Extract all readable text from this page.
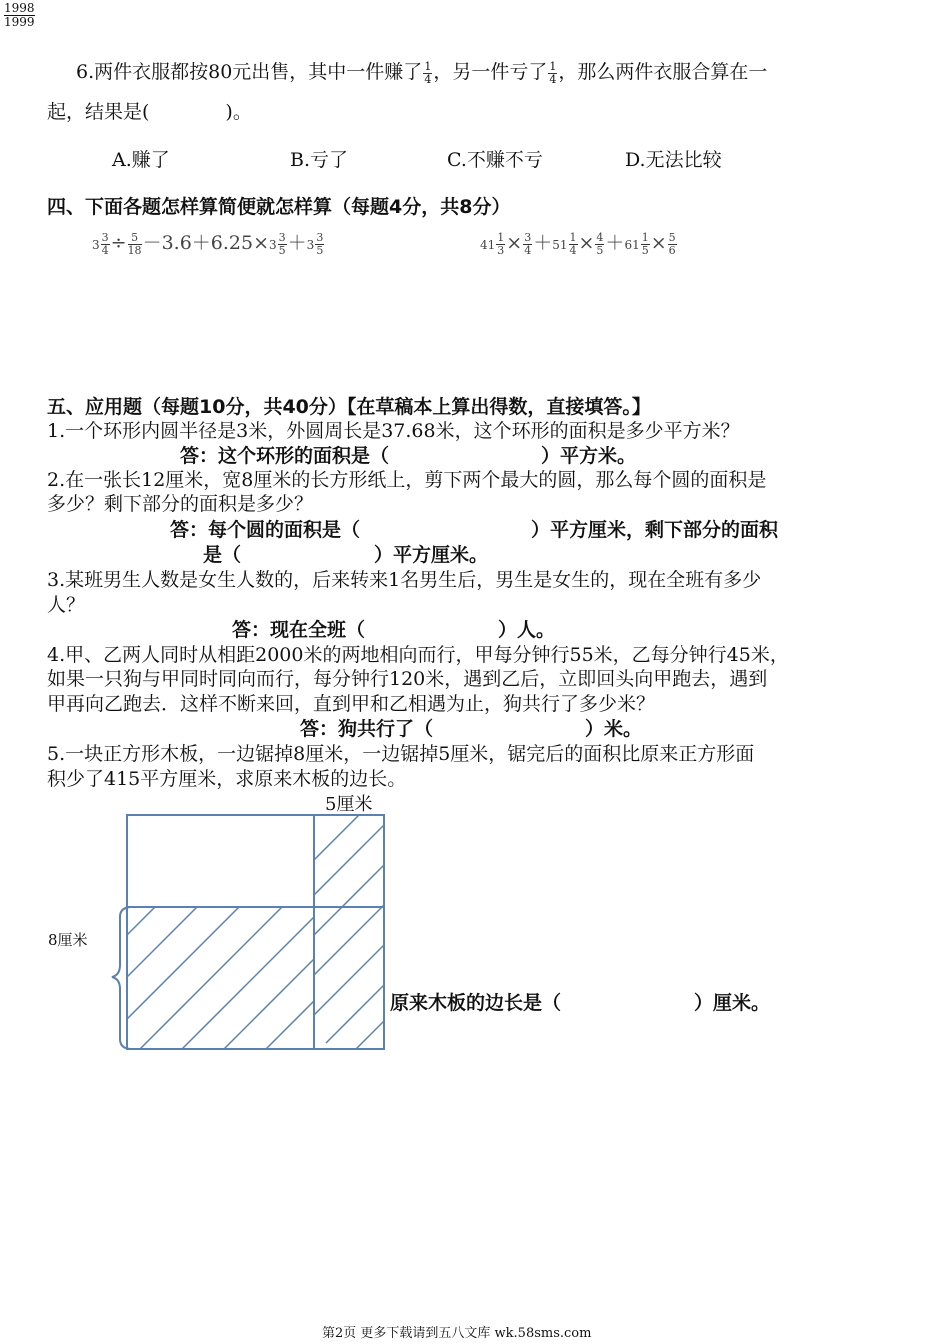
1998
1999
6.两件衣服都按80元出售，其中一件赚了 $\frac{1}{4}$ ，另一件亏了 $\frac{1}{4}$ ，那么两件衣服合算在一
起，结果是(　　　　)。
A.赚了	B.亏了	C.不赚不亏	D.无法比较
四、下面各题怎样算简便就怎样算（每题4分，共8分）
$3 \frac{3}{4} \div \frac{5}{18} -3.6+6.25\times 3 \frac{3}{5} +3 \frac{3}{5}$	$41 \frac{1}{3} \times \frac{3}{4} +51 \frac{1}{4} \times \frac{4}{5} +61 \frac{1}{5} \times \frac{5}{6}$
五、应用题（每题10分，共40分）【在草稿本上算出得数，直接填答。】
1.一个环形内圆半径是3米，外圆周长是37.68米，这个环形的面积是多少平方米？
答：这个环形的面积是（　　　　　　　　）平方米。
2.在一张长12厘米，宽8厘米的长方形纸上，剪下两个最大的圆，那么每个圆的面积是
多少？剩下部分的面积是多少？
答：每个圆的面积是（　　　　　　　　　）平方厘米，剩下部分的面积
是（　　　　　　　）平方厘米。
3.某班男生人数是女生人数的，后来转来1名男生后，男生是女生的，现在全班有多少
人？
答：现在全班（　　　　　　　）人。
4.甲、乙两人同时从相距2000米的两地相向而行，甲每分钟行55米，乙每分钟行45米，
如果一只狗与甲同时同向而行，每分钟行120米，遇到乙后，立即回头向甲跑去，遇到
甲再向乙跑去．这样不断来回，直到甲和乙相遇为止，狗共行了多少米？
答：狗共行了（　　　　　　　　）米。
5.一块正方形木板，一边锯掉8厘米，一边锯掉5厘米，锯完后的面积比原来正方形面
积少了415平方厘米，求原来木板的边长。
5厘米
8厘米
原来木板的边长是（　　　　　　　）厘米。
第2页 更多下载请到五八文库 wk.58sms.com
